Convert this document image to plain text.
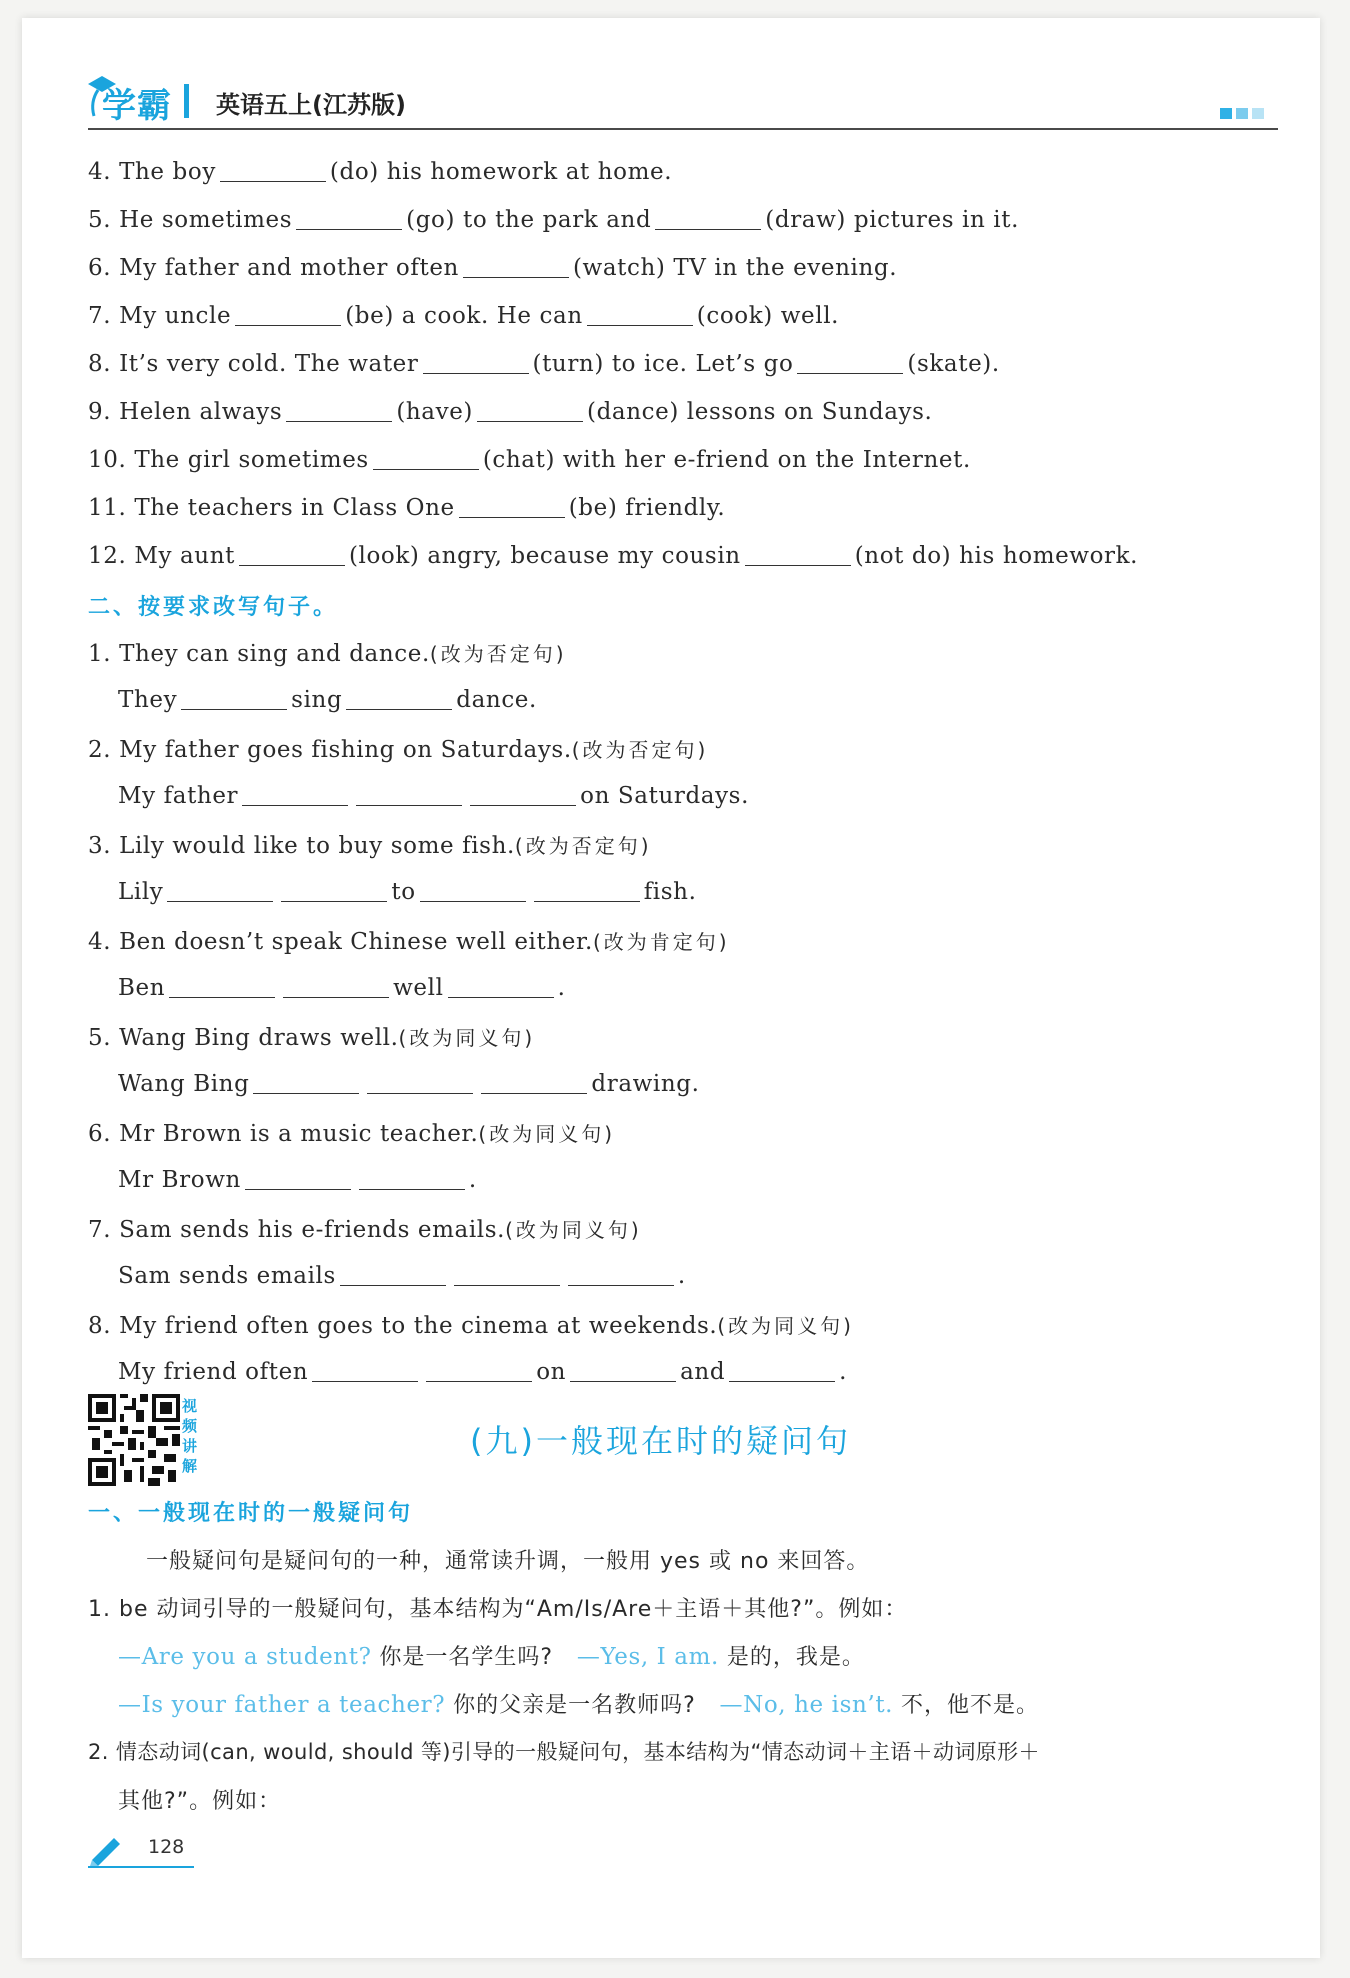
学霸 英语五上(江苏版)
4. The boy	(do) his homework at home.
5. He sometimes	(go) to the park and	(draw) pictures in it.
6. My father and mother often	(watch) TV in the evening.
7. My uncle	(be) a cook. He can	(cook) well.
8. It’s very cold. The water	(turn) to ice. Let’s go	(skate).
9. Helen always	(have)	(dance) lessons on Sundays.
10. The girl sometimes	(chat) with her e-friend on the Internet.
11. The teachers in Class One	(be) friendly.
12. My aunt	(look) angry, because my cousin	(not do) his homework.
二、按要求改写句子。
1. They can sing and dance.(改为否定句)
They	sing	dance.
2. My father goes fishing on Saturdays.(改为否定句)
My father	on Saturdays.
3. Lily would like to buy some fish.(改为否定句)
Lily	to	fish.
4. Ben doesn’t speak Chinese well either.(改为肯定句)
Ben	well	.
5. Wang Bing draws well.(改为同义句)
Wang Bing	drawing.
6. Mr Brown is a music teacher.(改为同义句)
Mr Brown	.
7. Sam sends his e-friends emails.(改为同义句)
Sam sends emails	.
8. My friend often goes to the cinema at weekends.(改为同义句)
My friend often	on	and	.
视频讲解
(九)一般现在时的疑问句
一、一般现在时的一般疑问句
一般疑问句是疑问句的一种，通常读升调，一般用 yes 或 no 来回答。
1. be 动词引导的一般疑问句，基本结构为“Am/Is/Are＋主语＋其他?”。例如：
—Are you a student? 你是一名学生吗? —Yes, I am. 是的，我是。
—Is your father a teacher? 你的父亲是一名教师吗? —No, he isn’t. 不，他不是。
2. 情态动词(can, would, should 等)引导的一般疑问句，基本结构为“情态动词＋主语＋动词原形＋
其他?”。例如：
128
